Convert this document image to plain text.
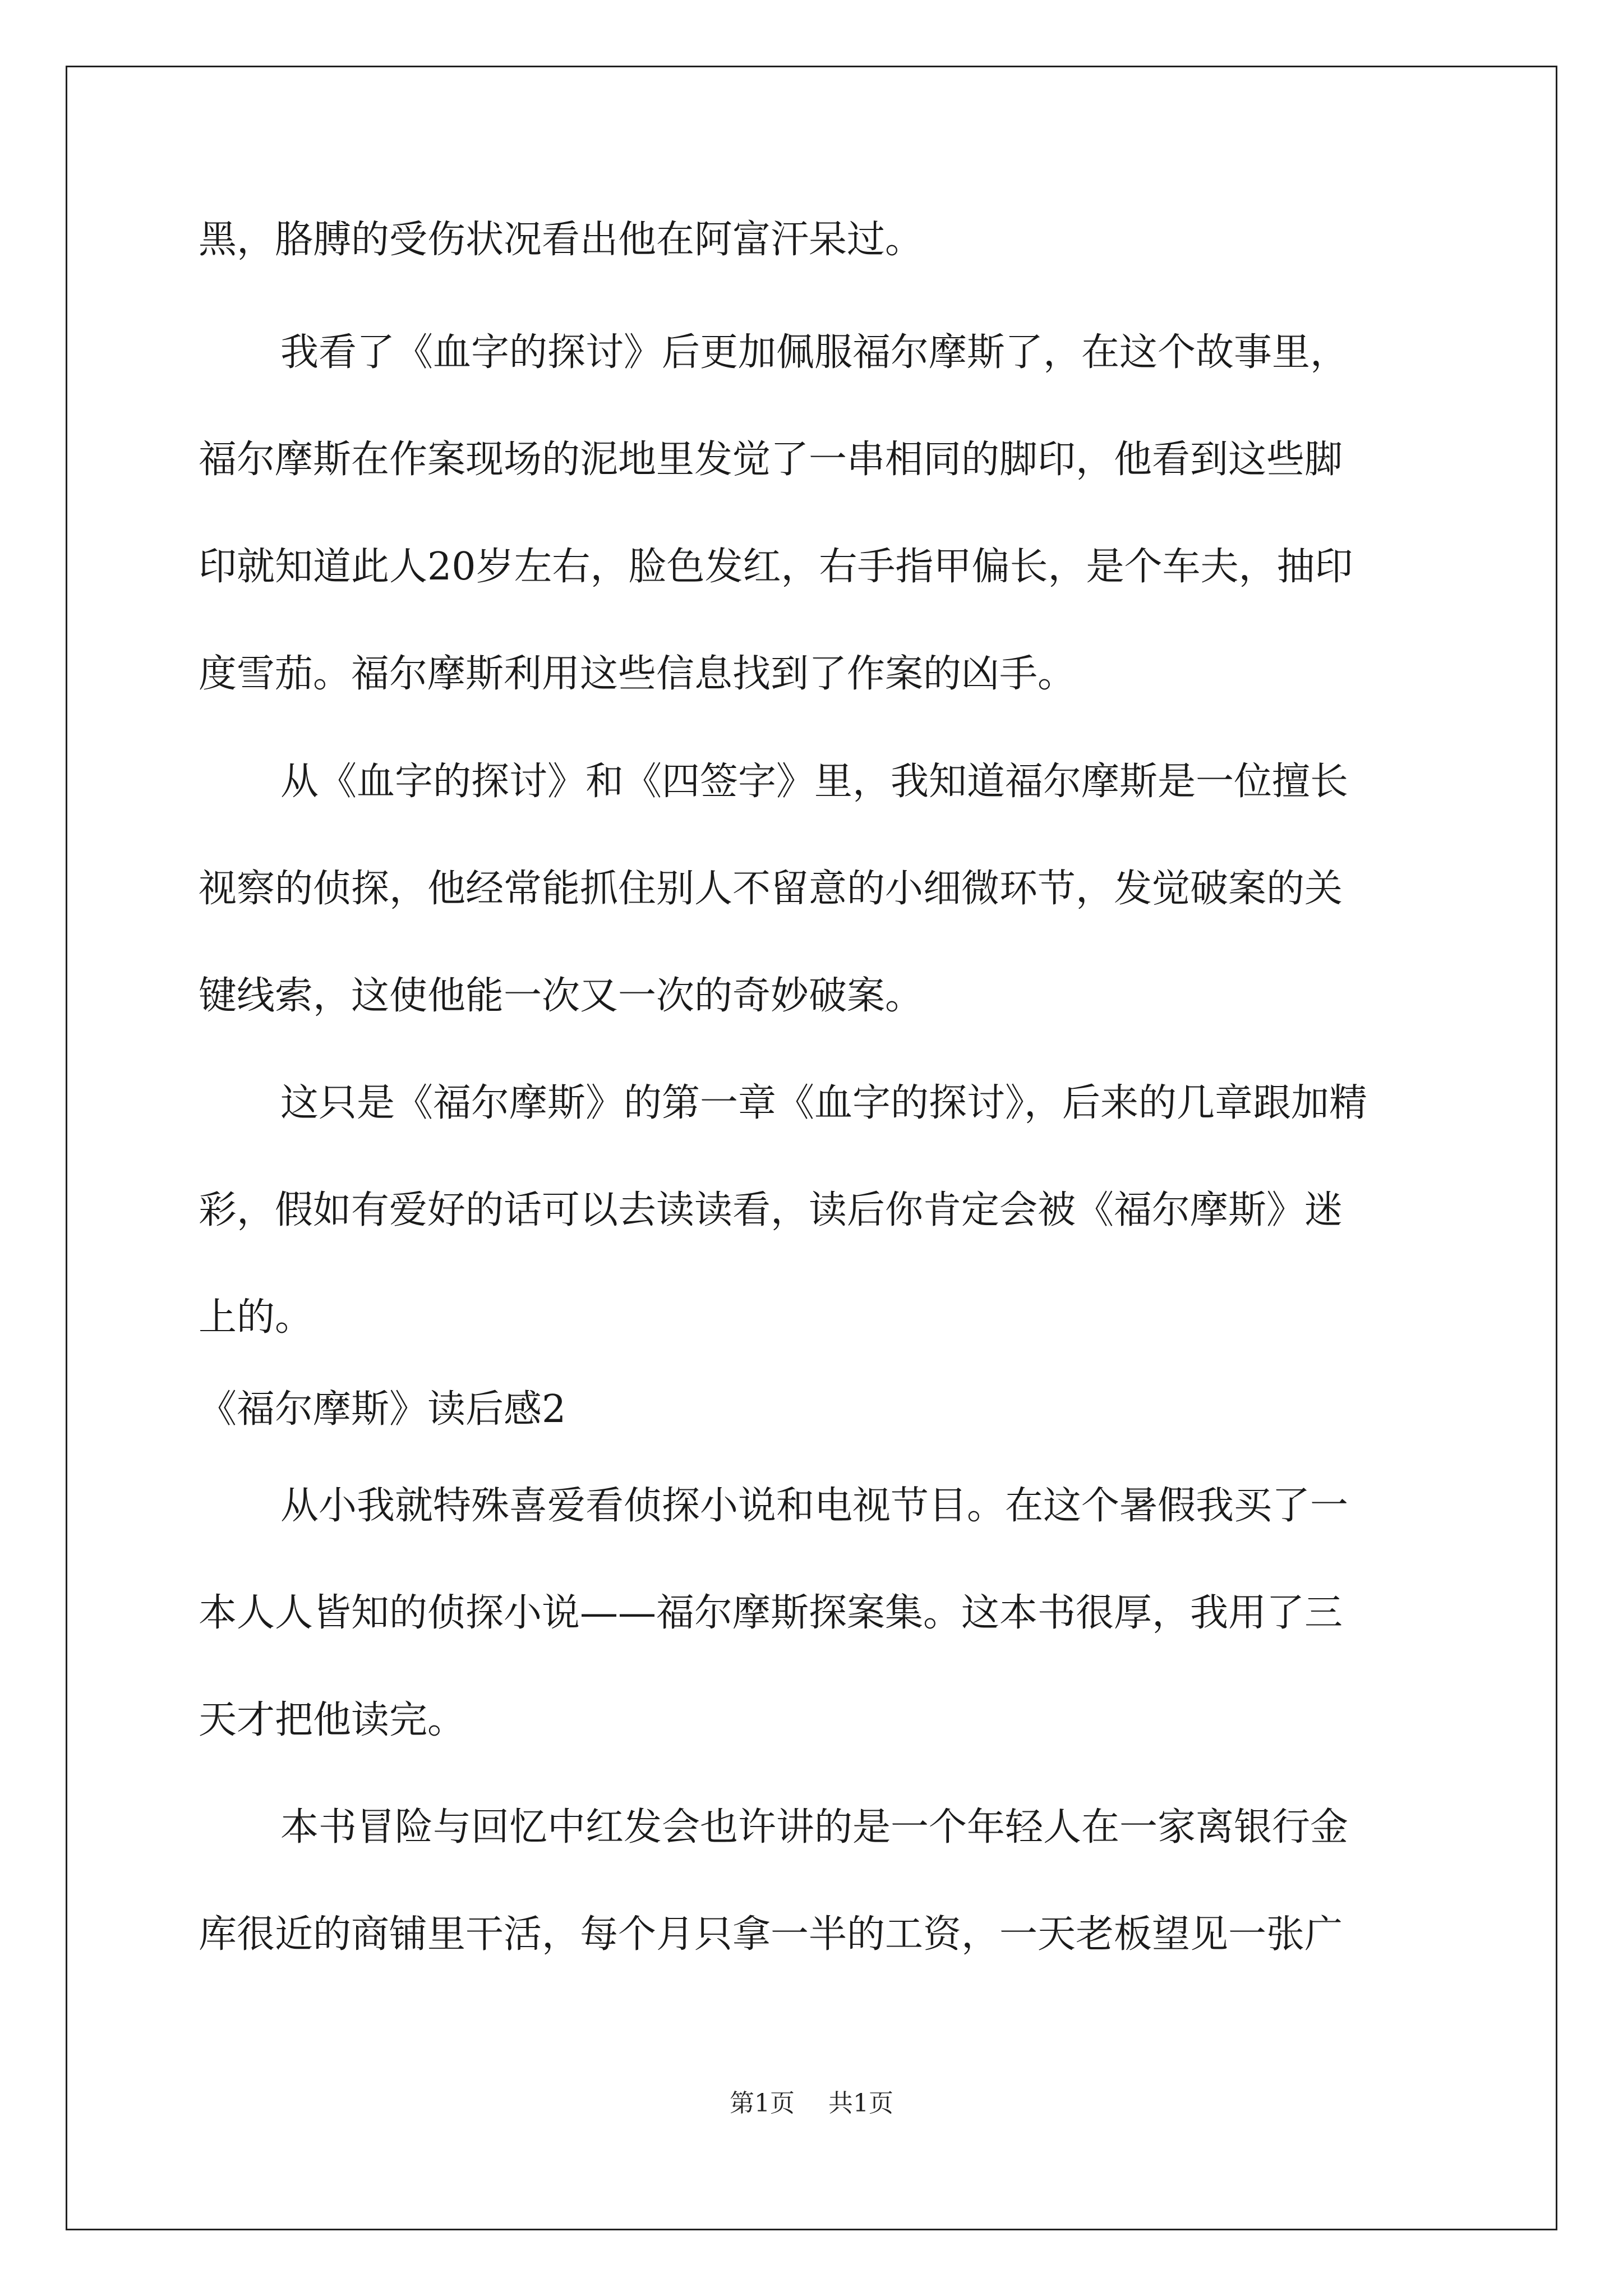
黑，胳膊的受伤状况看出他在阿富汗呆过。
我看了《血字的探讨》后更加佩服福尔摩斯了，在这个故事里，
福尔摩斯在作案现场的泥地里发觉了一串相同的脚印，他看到这些脚
印就知道此人20岁左右，脸色发红，右手指甲偏长，是个车夫，抽印
度雪茄。福尔摩斯利用这些信息找到了作案的凶手。
从《血字的探讨》和《四签字》里，我知道福尔摩斯是一位擅长
视察的侦探，他经常能抓住别人不留意的小细微环节，发觉破案的关
键线索，这使他能一次又一次的奇妙破案。
这只是《福尔摩斯》的第一章《血字的探讨》，后来的几章跟加精
彩，假如有爱好的话可以去读读看，读后你肯定会被《福尔摩斯》迷
上的。
《福尔摩斯》读后感2
从小我就特殊喜爱看侦探小说和电视节目。在这个暑假我买了一
本人人皆知的侦探小说——福尔摩斯探案集。这本书很厚，我用了三
天才把他读完。
本书冒险与回忆中红发会也许讲的是一个年轻人在一家离银行金
库很近的商铺里干活，每个月只拿一半的工资，一天老板望见一张广
第1页 共1页
